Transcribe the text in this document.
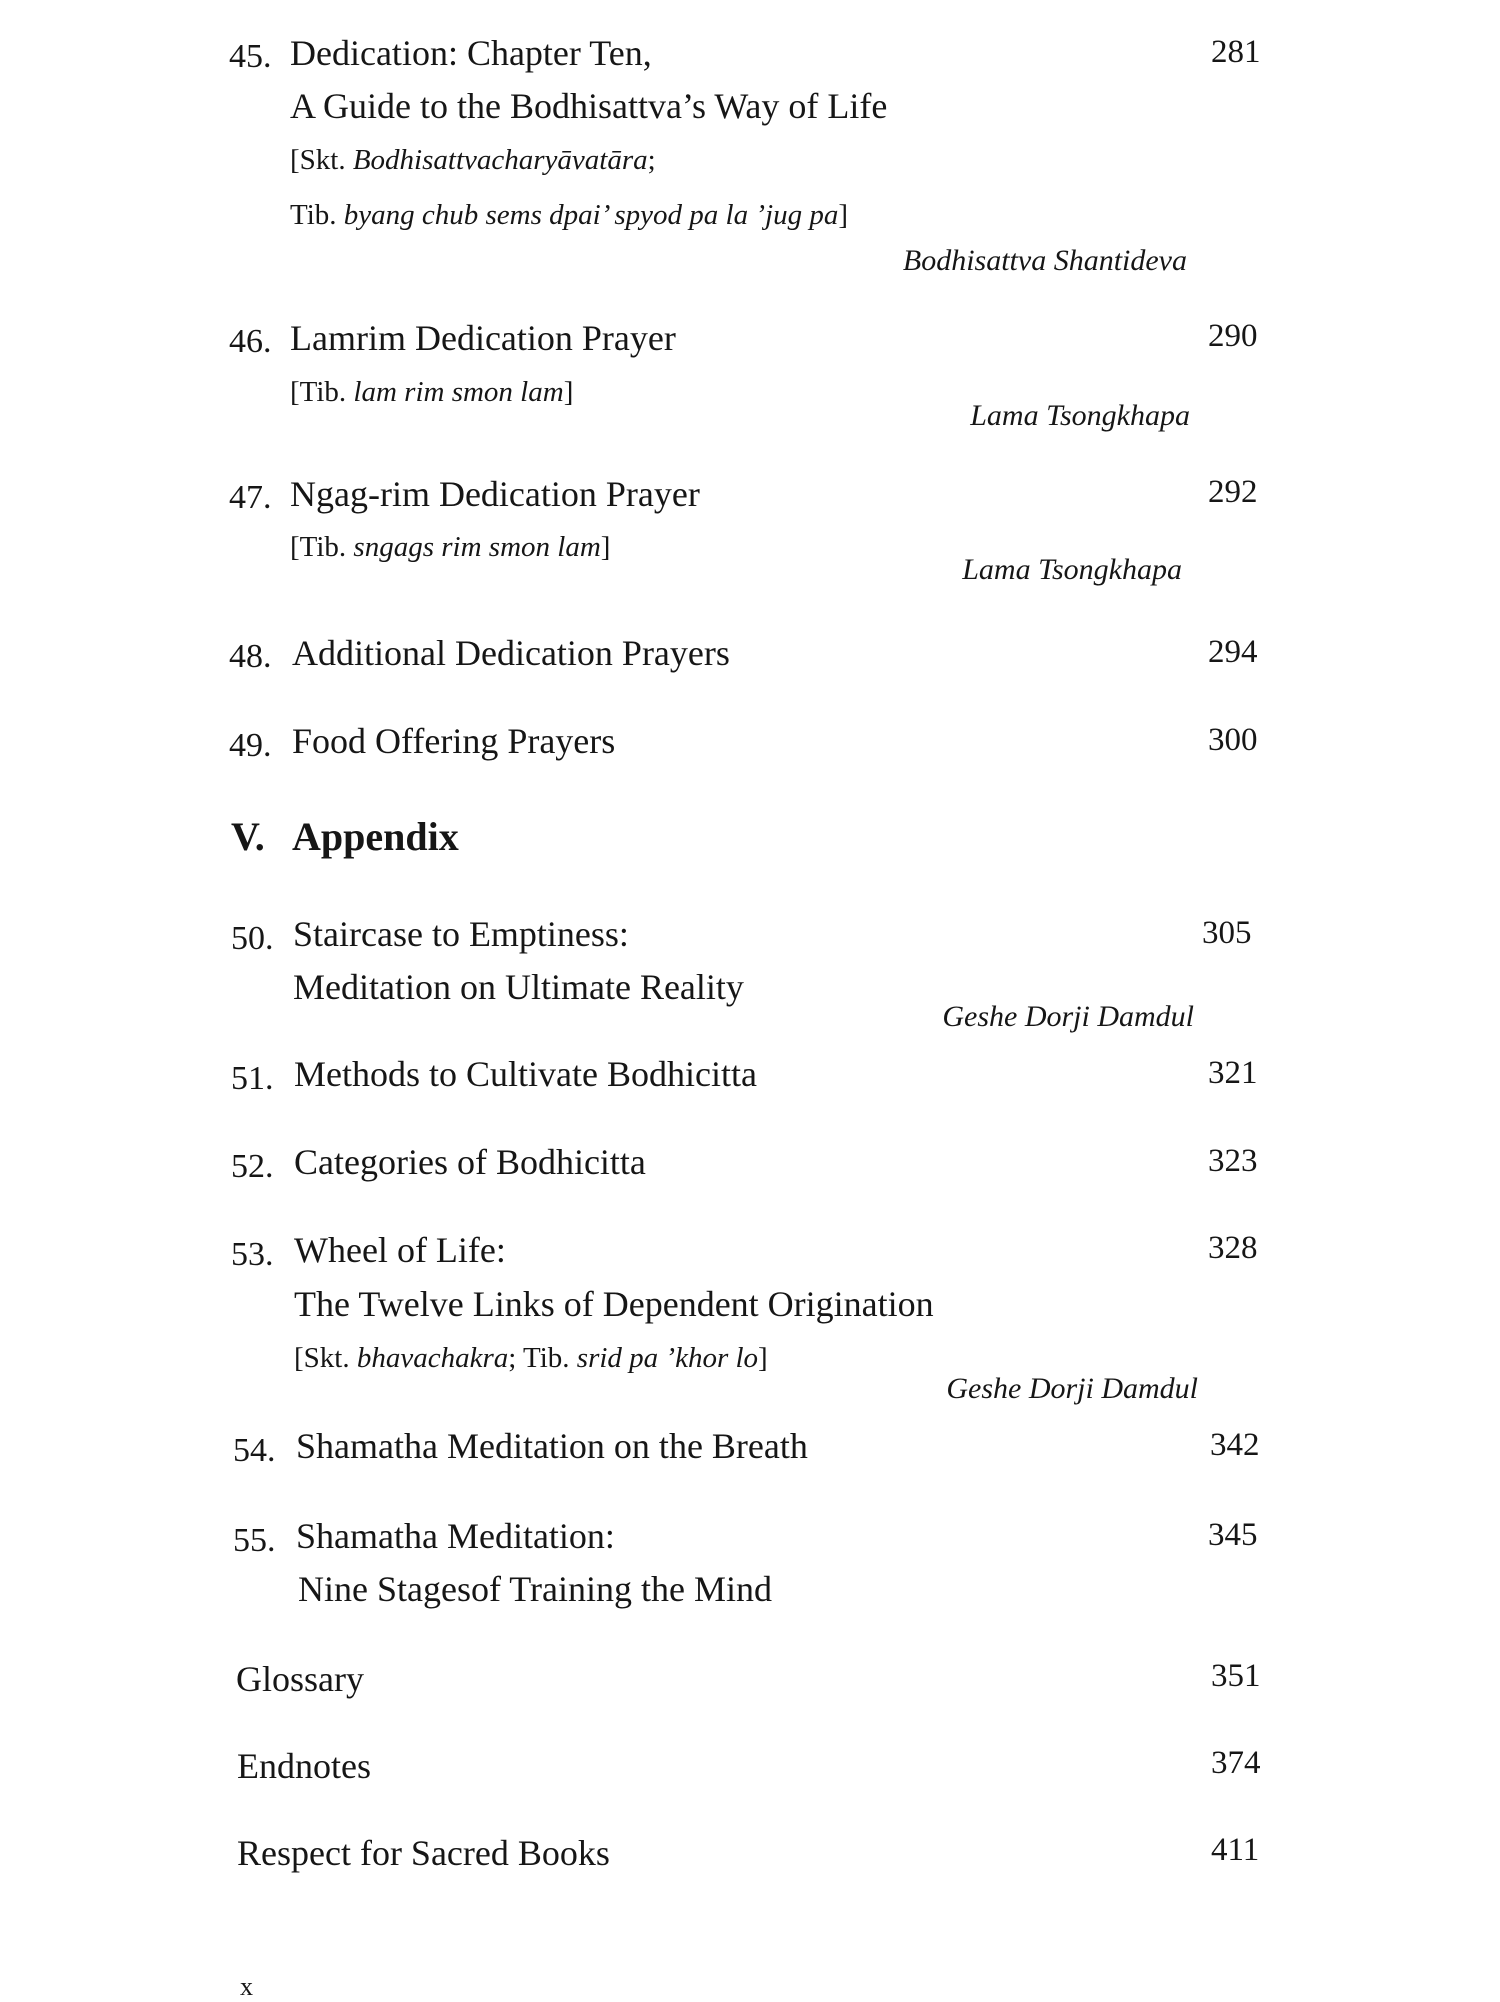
45. Dedication: Chapter Ten,	281
A Guide to the Bodhisattva’s Way of Life
[Skt. Bodhisattvacharyāvatāra;
Tib. byang chub sems dpai’ spyod pa la ’jug pa]
Bodhisattva Shantideva
46. Lamrim Dedication Prayer	290
[Tib. lam rim smon lam]
Lama Tsongkhapa
47. Ngag-rim Dedication Prayer	292
[Tib. sngags rim smon lam]
Lama Tsongkhapa
48. Additional Dedication Prayers	294
49. Food Offering Prayers	300
V. Appendix
50. Staircase to Emptiness:	305
Meditation on Ultimate Reality
Geshe Dorji Damdul
51. Methods to Cultivate Bodhicitta	321
52. Categories of Bodhicitta	323
53. Wheel of Life:	328
The Twelve Links of Dependent Origination
[Skt. bhavachakra; Tib. srid pa ’khor lo]
Geshe Dorji Damdul
54. Shamatha Meditation on the Breath	342
55. Shamatha Meditation:	345
Nine Stagesof Training the Mind
Glossary	351
Endnotes	374
Respect for Sacred Books	411
x
